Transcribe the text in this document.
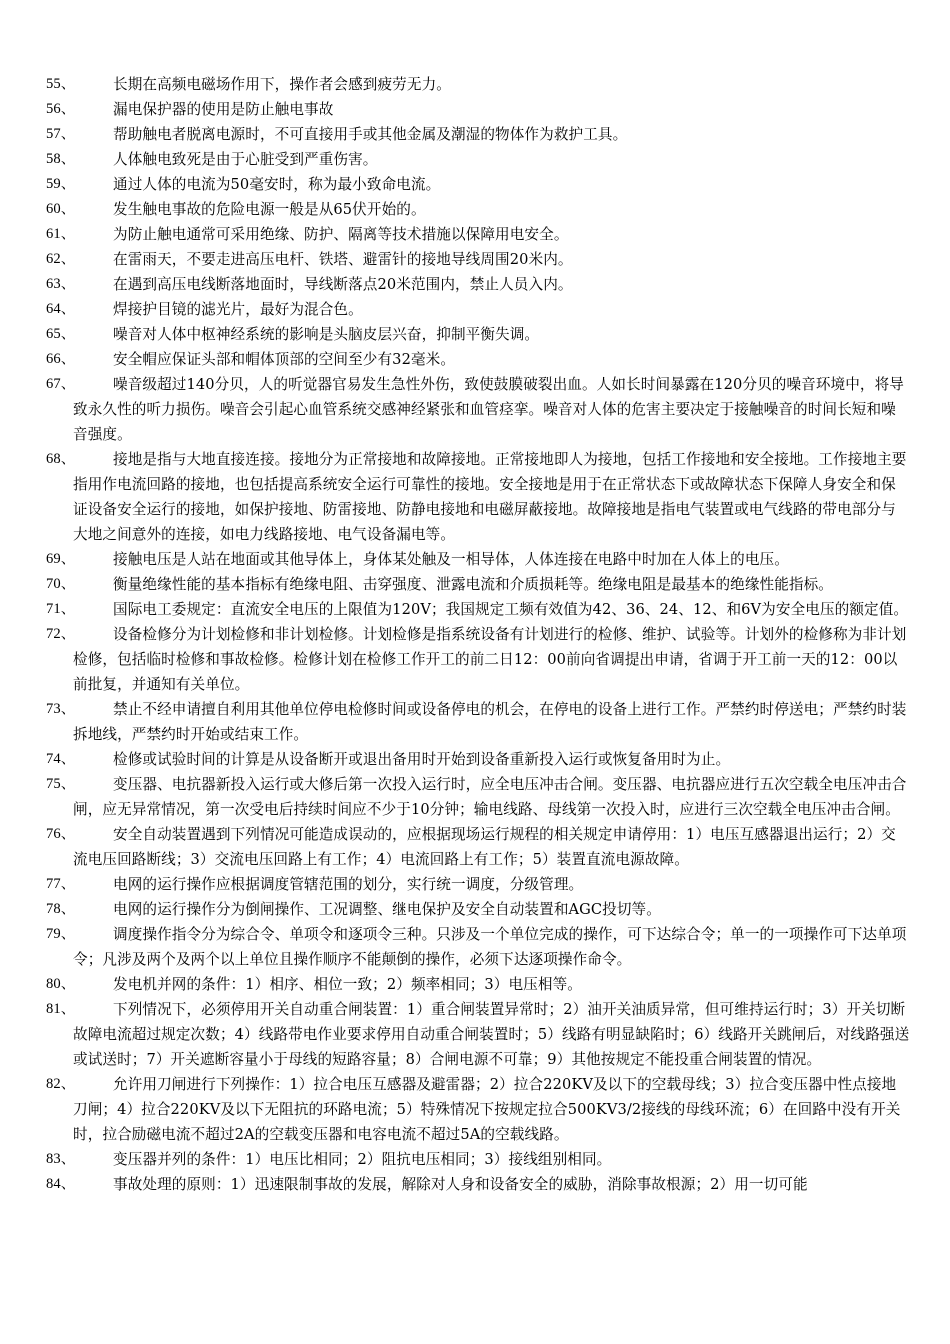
55、	长期在高频电磁场作用下，操作者会感到疲劳无力。
56、	漏电保护器的使用是防止触电事故
57、	帮助触电者脱离电源时，不可直接用手或其他金属及潮湿的物体作为救护工具。
58、	人体触电致死是由于心脏受到严重伤害。
59、	通过人体的电流为50毫安时，称为最小致命电流。
60、	发生触电事故的危险电源一般是从65伏开始的。
61、	为防止触电通常可采用绝缘、防护、隔离等技术措施以保障用电安全。
62、	在雷雨天，不要走进高压电杆、铁塔、避雷针的接地导线周围20米内。
63、	在遇到高压电线断落地面时，导线断落点20米范围内，禁止人员入内。
64、	焊接护目镜的滤光片，最好为混合色。
65、	噪音对人体中枢神经系统的影响是头脑皮层兴奋，抑制平衡失调。
66、	安全帽应保证头部和帽体顶部的空间至少有32毫米。
67、	噪音级超过140分贝，人的听觉器官易发生急性外伤，致使鼓膜破裂出血。人如长时间暴露在120分贝的噪音环境中，将导致永久性的听力损伤。噪音会引起心血管系统交感神经紧张和血管痉挛。噪音对人体的危害主要决定于接触噪音的时间长短和噪音强度。
68、	接地是指与大地直接连接。接地分为正常接地和故障接地。正常接地即人为接地，包括工作接地和安全接地。工作接地主要指用作电流回路的接地，也包括提高系统安全运行可靠性的接地。安全接地是用于在正常状态下或故障状态下保障人身安全和保证设备安全运行的接地，如保护接地、防雷接地、防静电接地和电磁屏蔽接地。故障接地是指电气装置或电气线路的带电部分与大地之间意外的连接，如电力线路接地、电气设备漏电等。
69、	接触电压是人站在地面或其他导体上，身体某处触及一相导体，人体连接在电路中时加在人体上的电压。
70、	衡量绝缘性能的基本指标有绝缘电阻、击穿强度、泄露电流和介质损耗等。绝缘电阻是最基本的绝缘性能指标。
71、	国际电工委规定：直流安全电压的上限值为120V；我国规定工频有效值为42、36、24、12、和6V为安全电压的额定值。
72、	设备检修分为计划检修和非计划检修。计划检修是指系统设备有计划进行的检修、维护、试验等。计划外的检修称为非计划检修，包括临时检修和事故检修。检修计划在检修工作开工的前二日12：00前向省调提出申请，省调于开工前一天的12：00以前批复，并通知有关单位。
73、	禁止不经申请擅自利用其他单位停电检修时间或设备停电的机会，在停电的设备上进行工作。严禁约时停送电；严禁约时装拆地线，严禁约时开始或结束工作。
74、	检修或试验时间的计算是从设备断开或退出备用时开始到设备重新投入运行或恢复备用时为止。
75、	变压器、电抗器新投入运行或大修后第一次投入运行时，应全电压冲击合闸。变压器、电抗器应进行五次空载全电压冲击合闸，应无异常情况，第一次受电后持续时间应不少于10分钟；输电线路、母线第一次投入时，应进行三次空载全电压冲击合闸。
76、	安全自动装置遇到下列情况可能造成误动的，应根据现场运行规程的相关规定申请停用：1）电压互感器退出运行；2）交流电压回路断线；3）交流电压回路上有工作；4）电流回路上有工作；5）装置直流电源故障。
77、	电网的运行操作应根据调度管辖范围的划分，实行统一调度，分级管理。
78、	电网的运行操作分为倒闸操作、工况调整、继电保护及安全自动装置和AGC投切等。
79、	调度操作指令分为综合令、单项令和逐项令三种。只涉及一个单位完成的操作，可下达综合令；单一的一项操作可下达单项令；凡涉及两个及两个以上单位且操作顺序不能颠倒的操作，必须下达逐项操作命令。
80、	发电机并网的条件：1）相序、相位一致；2）频率相同；3）电压相等。
81、	下列情况下，必须停用开关自动重合闸装置：1）重合闸装置异常时；2）油开关油质异常，但可维持运行时；3）开关切断故障电流超过规定次数；4）线路带电作业要求停用自动重合闸装置时；5）线路有明显缺陷时；6）线路开关跳闸后，对线路强送或试送时；7）开关遮断容量小于母线的短路容量；8）合闸电源不可靠；9）其他按规定不能投重合闸装置的情况。
82、	允许用刀闸进行下列操作：1）拉合电压互感器及避雷器；2）拉合220KV及以下的空载母线；3）拉合变压器中性点接地刀闸；4）拉合220KV及以下无阻抗的环路电流；5）特殊情况下按规定拉合500KV3/2接线的母线环流；6）在回路中没有开关时，拉合励磁电流不超过2A的空载变压器和电容电流不超过5A的空载线路。
83、	变压器并列的条件：1）电压比相同；2）阻抗电压相同；3）接线组别相同。
84、	事故处理的原则：1）迅速限制事故的发展，解除对人身和设备安全的威胁，消除事故根源；2）用一切可能
